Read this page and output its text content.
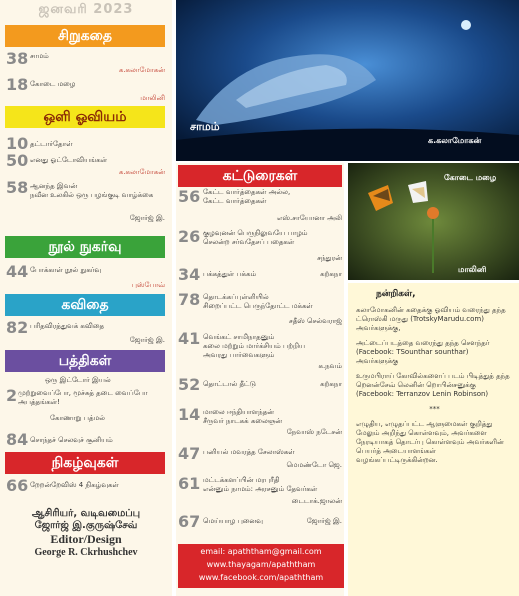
ஜனவரி 2023
சிறுகதை
38 சாமம்
க.கலாமோகன்
18 கோடை மழை
மாலினி
ஒளி ஓவியம்
10 தட்டார்தோள்
50 எனது ஓட்டோவியங்கள்
க.கலாமோகன்
58 ஆனந்த இவன்
நவீன உலகில் ஒரு பழங்குடி வாழ்க்கை
ஜோர்ஜ் இ.
நூல் நுகர்வு
44 போக்காள் நூல் நுகர்வு
புஸ்போவ்
கவிதை
82 பரிதவிரத்துவக் கவிதை
ஜோர்ஜ் இ.
பத்திகள்
ஒரு இட்டோர் இயல்
2 முற்றுவைப்போ, மூச்சுத் தடை வைப்போ அபத்தங்கள்!
கோணாறு பத்மல்
84 சொந்தச் செலவுச் சூனியம்
நிகழ்வுகள்
66 றேறன்றேவிஸ் 4 நிகழ்வுகள்
ஆசிரியர், வடிவமைப்பு
ஜோர்ஜ் இ.குருஷ்சேவ்
Editor/Design
George R. Ckrhushchev
சாமம்
க.கலாமோகன்
கட்டுரைகள்
56 கேட்ட வார்த்தைகள் அல்ல,
கேட்ட வார்த்தைகள்
எஸ்.சாயாேனா அலி
26 குழவுனன் பெருநிலுவயே பாழம்
செலன்ற சர்வதேசப் பதைகள்
சந்துரன்
34 பக்கத்துள் பக்கம்	கற்கநா
78 தொடக்கப்புள்ளியில்
சிறைப்பட்ட பெருந்தோட்ட மக்கள்
சதீஸ் செல்வராஜ்
41 வெங்கட் சாமிநாதனும்
கலை மற்றும் மார்க்சியம் பற்றிய
அவரது பார்வைகளும்
க.நவம்
52 தொட்டால் தீட்டு	கற்கநா
14 மாலை ஈந்தியாளந்தன்
சீருவர் நாடகக் கலைஞன்
நேவாஸ் நடேசன்
47 பனியல் மவரத்த சேலாஸ்கள்
மெமண்டோ ஜெ.
61 மட்டக்களப்பின் மரபுரீதி
என்னும் நாமம்: அரசனும் தேவர்கள்
டைடாக்.ஜாலன்
67 மெய்யாழ புனைவு	ஜோர்ஜ் இ.
email: apaththam@gmail.com
www.thayagam/apaththam
www.facebook.com/apaththam
கோடை மழை
மாலினி
நன்றிகள்,

கலாமோகனின் கதைக்கு ஓவியம் வரைந்து தந்த ட்ரொஸ்கி மருது (TrotskyMarudu.com) அவர்களுக்கு,

அட்டைப்படத்தை வரைந்து தந்த சௌந்தர் (Facebook: TSounthar sounthar) அவர்களுக்கு

உருமபிராய் கோவில்களைப் படம் பிடித்துத் தந்த றெனன்சேவ் லெனின் றொபின்சனுக்கு (Facebook: Terranzov Lenin Robinson)

***

எழுதிய, எழுதப்பட்ட ஆளுமைகள் குறித்து மேலும் அறிந்து கொள்ளவும், அவர்களை நேரடியாகத் தொடர்பு கொள்ளவும் அவர்களின் பெயர்த் அடையாளங்கள் வழங்கப்பட்டிருக்கின்றன.
